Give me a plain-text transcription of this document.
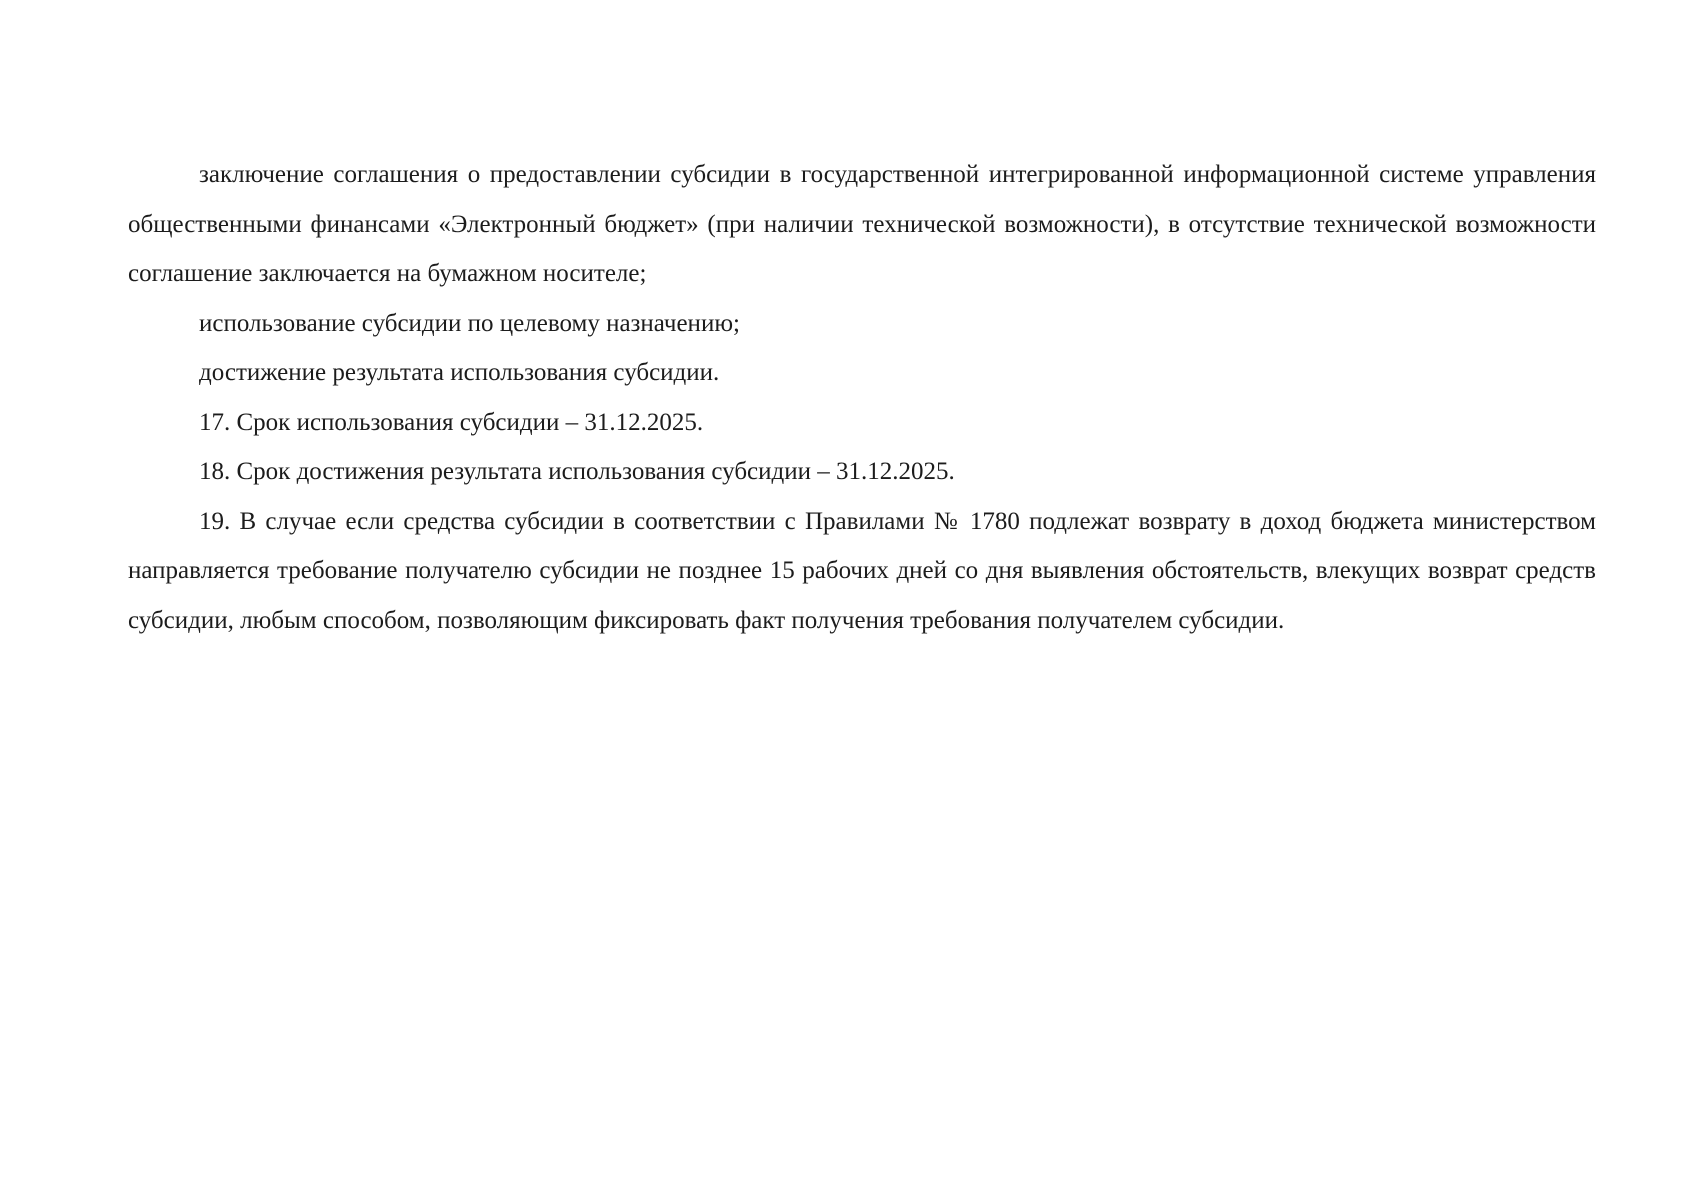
заключение соглашения о предоставлении субсидии в государственной интегрированной информационной системе управления общественными финансами «Электронный бюджет» (при наличии технической возможности), в отсутствие технической возможности соглашение заключается на бумажном носителе;

использование субсидии по целевому назначению;

достижение результата использования субсидии.

17. Срок использования субсидии – 31.12.2025.

18. Срок достижения результата использования субсидии – 31.12.2025.

19. В случае если средства субсидии в соответствии с Правилами № 1780 подлежат возврату в доход бюджета министерством направляется требование получателю субсидии не позднее 15 рабочих дней со дня выявления обстоятельств, влекущих возврат средств субсидии, любым способом, позволяющим фиксировать факт получения требования получателем субсидии.
